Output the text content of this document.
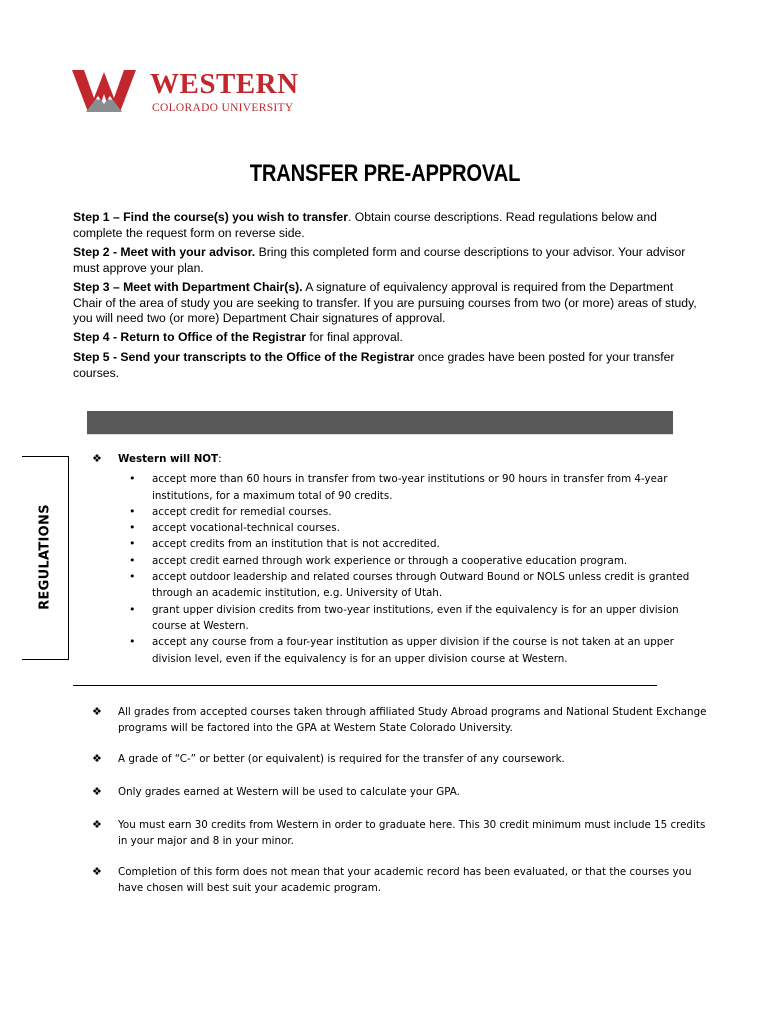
WESTERN
COLORADO UNIVERSITY
TRANSFER PRE-APPROVAL

Step 1 – Find the course(s) you wish to transfer. Obtain course descriptions. Read regulations below and complete the request form on reverse side.

Step 2 - Meet with your advisor. Bring this completed form and course descriptions to your advisor. Your advisor must approve your plan.

Step 3 – Meet with Department Chair(s). A signature of equivalency approval is required from the Department Chair of the area of study you are seeking to transfer. If you are pursuing courses from two (or more) areas of study, you will need two (or more) Department Chair signatures of approval.

Step 4 - Return to Office of the Registrar for final approval.

Step 5 - Send your transcripts to the Office of the Registrar once grades have been posted for your transfer courses.

REGULATIONS
❖ Western will NOT:
• accept more than 60 hours in transfer from two-year institutions or 90 hours in transfer from 4-year institutions, for a maximum total of 90 credits.
• accept credit for remedial courses.
• accept vocational-technical courses.
• accept credits from an institution that is not accredited.
• accept credit earned through work experience or through a cooperative education program.
• accept outdoor leadership and related courses through Outward Bound or NOLS unless credit is granted through an academic institution, e.g. University of Utah.
• grant upper division credits from two-year institutions, even if the equivalency is for an upper division course at Western.
• accept any course from a four-year institution as upper division if the course is not taken at an upper division level, even if the equivalency is for an upper division course at Western.
❖ All grades from accepted courses taken through affiliated Study Abroad programs and National Student Exchange programs will be factored into the GPA at Western State Colorado University.
❖ A grade of “C-” or better (or equivalent) is required for the transfer of any coursework.
❖ Only grades earned at Western will be used to calculate your GPA.
❖ You must earn 30 credits from Western in order to graduate here. This 30 credit minimum must include 15 credits in your major and 8 in your minor.
❖ Completion of this form does not mean that your academic record has been evaluated, or that the courses you have chosen will best suit your academic program.
